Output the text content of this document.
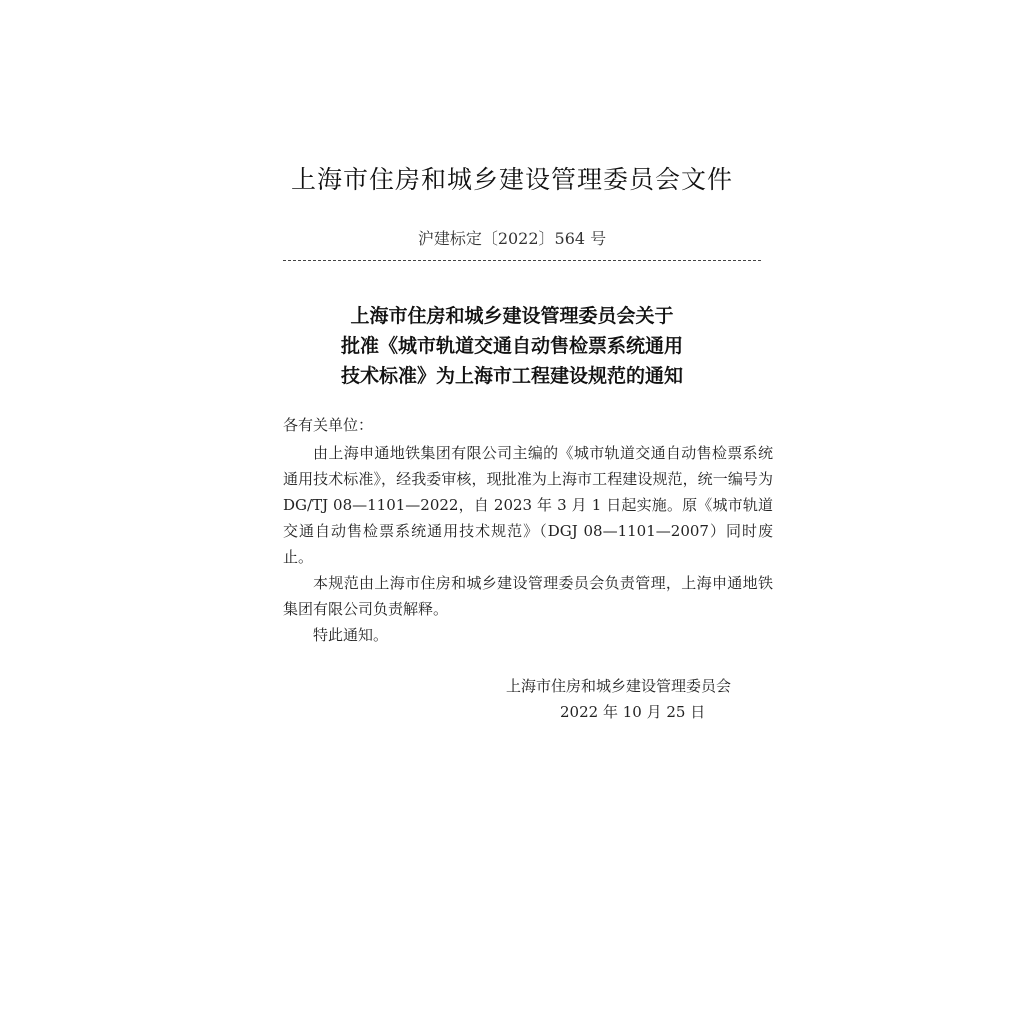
上海市住房和城乡建设管理委员会文件
沪建标定〔2022〕564 号
上海市住房和城乡建设管理委员会关于
批准《城市轨道交通自动售检票系统通用
技术标准》为上海市工程建设规范的通知
各有关单位：

由上海申通地铁集团有限公司主编的《城市轨道交通自动售检票系统通用技术标准》，经我委审核，现批准为上海市工程建设规范，统一编号为 DG/TJ 08—1101—2022，自 2023 年 3 月 1 日起实施。原《城市轨道交通自动售检票系统通用技术规范》（DGJ 08—1101—2007）同时废止。

本规范由上海市住房和城乡建设管理委员会负责管理，上海申通地铁集团有限公司负责解释。

特此通知。

上海市住房和城乡建设管理委员会
2022 年 10 月 25 日
